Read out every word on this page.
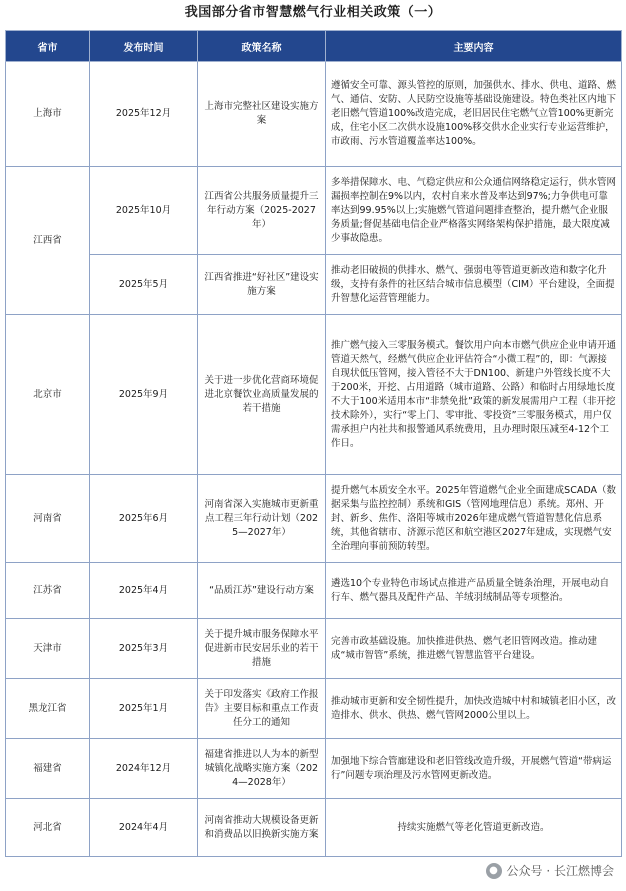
我国部分省市智慧燃气行业相关政策（一）
省市	发布时间	政策名称	主要内容
上海市	2025年12月	上海市完整社区建设实施方案	遵循安全可靠、源头管控的原则，加强供水、排水、供电、道路、燃气、通信、安防、人民防空设施等基础设施建设。特色类社区内地下老旧燃气管道100%改造完成，老旧居民住宅燃气立管100%更新完成，住宅小区二次供水设施100%移交供水企业实行专业运营维护，市政雨、污水管道覆盖率达100%。
江西省	2025年10月	江西省公共服务质量提升三年行动方案（2025-2027年）	多举措保障水、电、气稳定供应和公众通信网络稳定运行，供水管网漏损率控制在9%以内，农村自来水普及率达到97%;力争供电可靠率达到99.95%以上;实施燃气管道问题排查整治，提升燃气企业服务质量;督促基础电信企业严格落实网络架构保护措施，最大限度减少事故隐患。
	2025年5月	江西省推进“好社区”建设实施方案	推动老旧破损的供排水、燃气、强弱电等管道更新改造和数字化升级，支持有条件的社区结合城市信息模型（CIM）平台建设，全面提升智慧化运营管理能力。
北京市	2025年9月	关于进一步优化营商环境促进北京餐饮业高质量发展的若干措施	推广燃气接入三零服务模式。餐饮用户向本市燃气供应企业申请开通管道天然气，经燃气供应企业评估符合“小微工程”的，即：气源接自现状低压管网，接入管径不大于DN100、新建户外管线长度不大于200米，开挖、占用道路（城市道路、公路）和临时占用绿地长度不大于100米适用本市“非禁免批”政策的新发展需用户工程（非开挖技术除外），实行“零上门、零审批、零投资”三零服务模式，用户仅需承担户内社共和报警通风系统费用，且办理时限压减至4-12个工作日。
河南省	2025年6月	河南省深入实施城市更新重点工程三年行动计划（2025—2027年）	提升燃气本质安全水平。2025年管道燃气企业全面建成SCADA（数据采集与监控控制）系统和GIS（管网地理信息）系统。郑州、开封、新乡、焦作、洛阳等城市2026年建成燃气管道智慧化信息系统，其他省辖市、济源示范区和航空港区2027年建成，实现燃气安全治理向事前预防转型。
江苏省	2025年4月	“品质江苏”建设行动方案	遴选10个专业特色市场试点推进产品质量全链条治理，开展电动自行车、燃气器具及配件产品、羊绒羽绒制品等专项整治。
天津市	2025年3月	关于提升城市服务保障水平促进新市民安居乐业的若干措施	完善市政基础设施。加快推进供热、燃气老旧管网改造。推动建成“城市智管”系统，推进燃气智慧监管平台建设。
黑龙江省	2025年1月	关于印发落实《政府工作报告》主要目标和重点工作责任分工的通知	推动城市更新和安全韧性提升，加快改造城中村和城镇老旧小区，改造排水、供水、供热、燃气管网2000公里以上。
福建省	2024年12月	福建省推进以人为本的新型城镇化战略实施方案（2024—2028年）	加强地下综合管廊建设和老旧管线改造升级，开展燃气管道“带病运行”问题专项治理及污水管网更新改造。
河北省	2024年4月	河南省推动大规模设备更新和消费品以旧换新实施方案	持续实施燃气等老化管道更新改造。
● 公众号 · 长江燃博会
